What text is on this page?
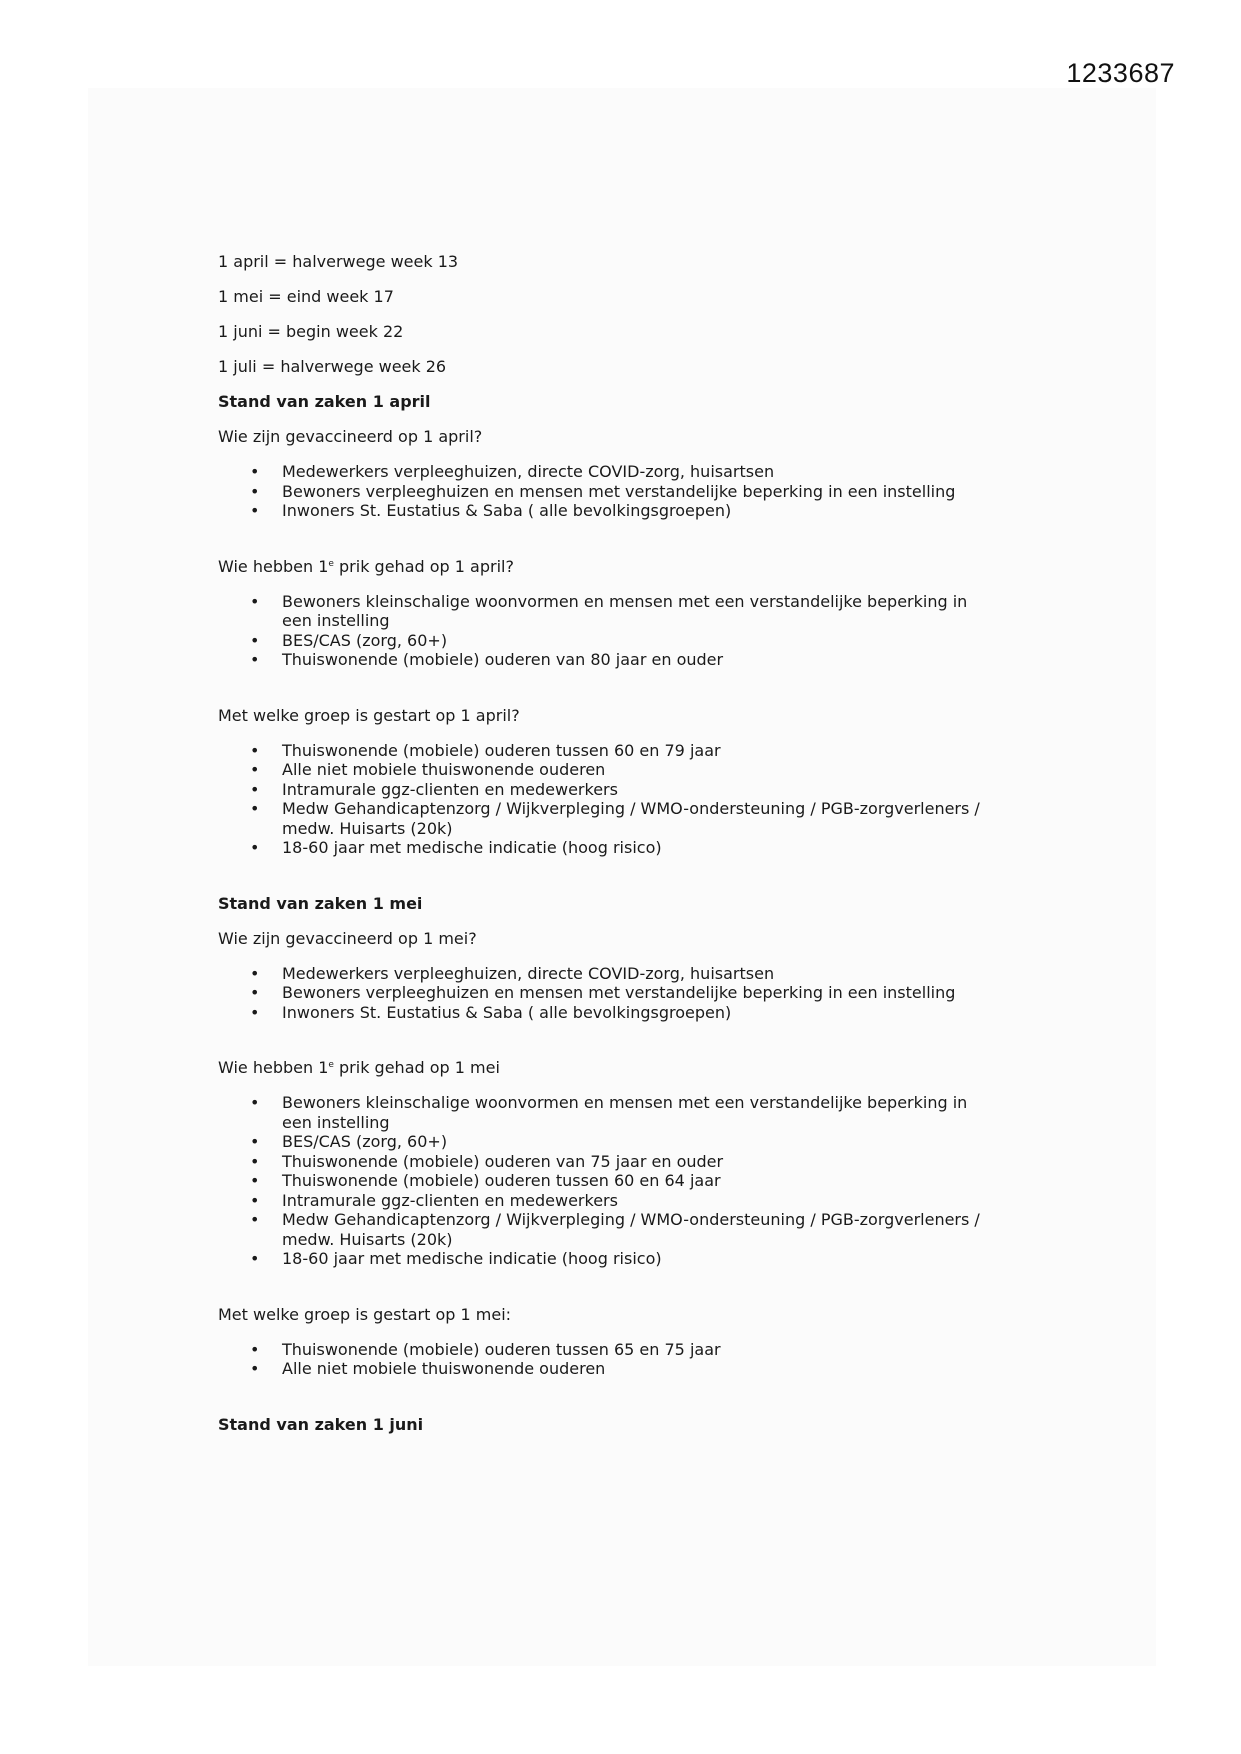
1233687

1 april = halverwege week 13

1 mei = eind week 17

1 juni = begin week 22

1 juli = halverwege week 26

Stand van zaken 1 april

Wie zijn gevaccineerd op 1 april?

• Medewerkers verpleeghuizen, directe COVID-zorg, huisartsen
• Bewoners verpleeghuizen en mensen met verstandelijke beperking in een instelling
• Inwoners St. Eustatius & Saba ( alle bevolkingsgroepen)

Wie hebben 1e prik gehad op 1 april?

• Bewoners kleinschalige woonvormen en mensen met een verstandelijke beperking in een instelling
• BES/CAS (zorg, 60+)
• Thuiswonende (mobiele) ouderen van 80 jaar en ouder

Met welke groep is gestart op 1 april?

• Thuiswonende (mobiele) ouderen tussen 60 en 79 jaar
• Alle niet mobiele thuiswonende ouderen
• Intramurale ggz-clienten en medewerkers
• Medw Gehandicaptenzorg / Wijkverpleging / WMO-ondersteuning / PGB-zorgverleners / medw. Huisarts (20k)
• 18-60 jaar met medische indicatie (hoog risico)

Stand van zaken 1 mei

Wie zijn gevaccineerd op 1 mei?

• Medewerkers verpleeghuizen, directe COVID-zorg, huisartsen
• Bewoners verpleeghuizen en mensen met verstandelijke beperking in een instelling
• Inwoners St. Eustatius & Saba ( alle bevolkingsgroepen)

Wie hebben 1e prik gehad op 1 mei

• Bewoners kleinschalige woonvormen en mensen met een verstandelijke beperking in een instelling
• BES/CAS (zorg, 60+)
• Thuiswonende (mobiele) ouderen van 75 jaar en ouder
• Thuiswonende (mobiele) ouderen tussen 60 en 64 jaar
• Intramurale ggz-clienten en medewerkers
• Medw Gehandicaptenzorg / Wijkverpleging / WMO-ondersteuning / PGB-zorgverleners / medw. Huisarts (20k)
• 18-60 jaar met medische indicatie (hoog risico)

Met welke groep is gestart op 1 mei:

• Thuiswonende (mobiele) ouderen tussen 65 en 75 jaar
• Alle niet mobiele thuiswonende ouderen

Stand van zaken 1 juni
